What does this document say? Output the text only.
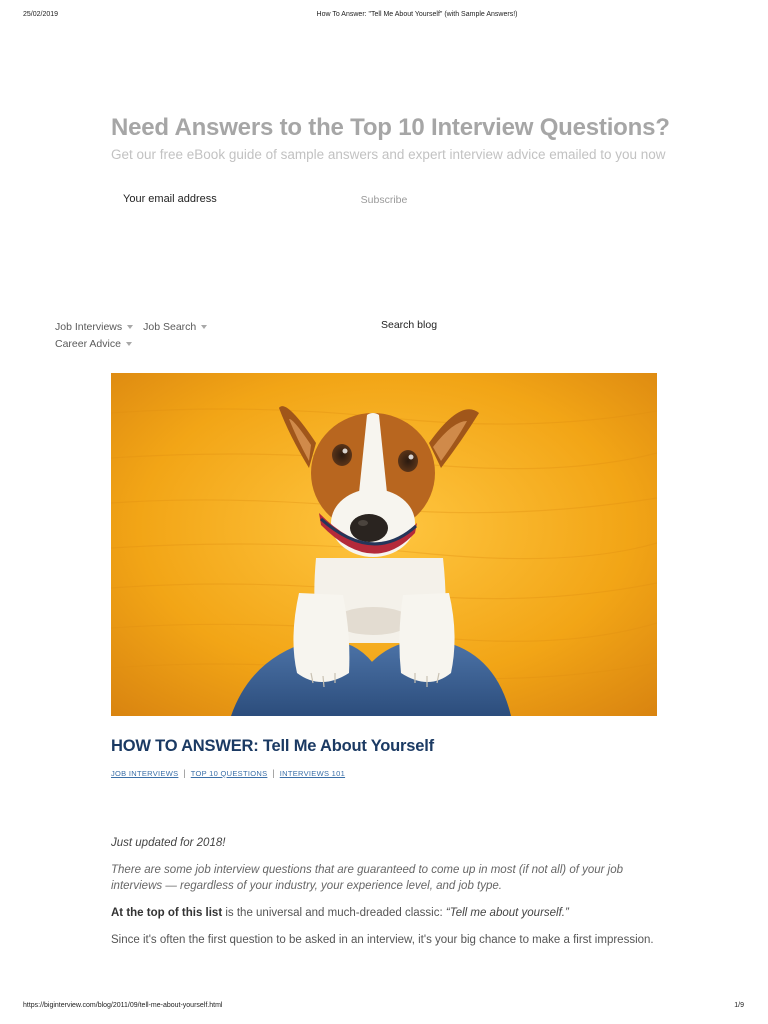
25/02/2019	How To Answer: "Tell Me About Yourself" (with Sample Answers!)
Need Answers to the Top 10 Interview Questions?
Get our free eBook guide of sample answers and expert interview advice emailed to you now
Your email address
Subscribe
Job Interviews Job Search
Career Advice
Search blog
HOW TO ANSWER: Tell Me About Yourself
JOB INTERVIEWS | TOP 10 QUESTIONS | INTERVIEWS 101
Just updated for 2018!
There are some job interview questions that are guaranteed to come up in most (if not all) of your job interviews — regardless of your industry, your experience level, and job type.
At the top of this list is the universal and much-dreaded classic: “Tell me about yourself.”
Since it's often the first question to be asked in an interview, it's your big chance to make a first impression.
https://biginterview.com/blog/2011/09/tell-me-about-yourself.html	1/9
